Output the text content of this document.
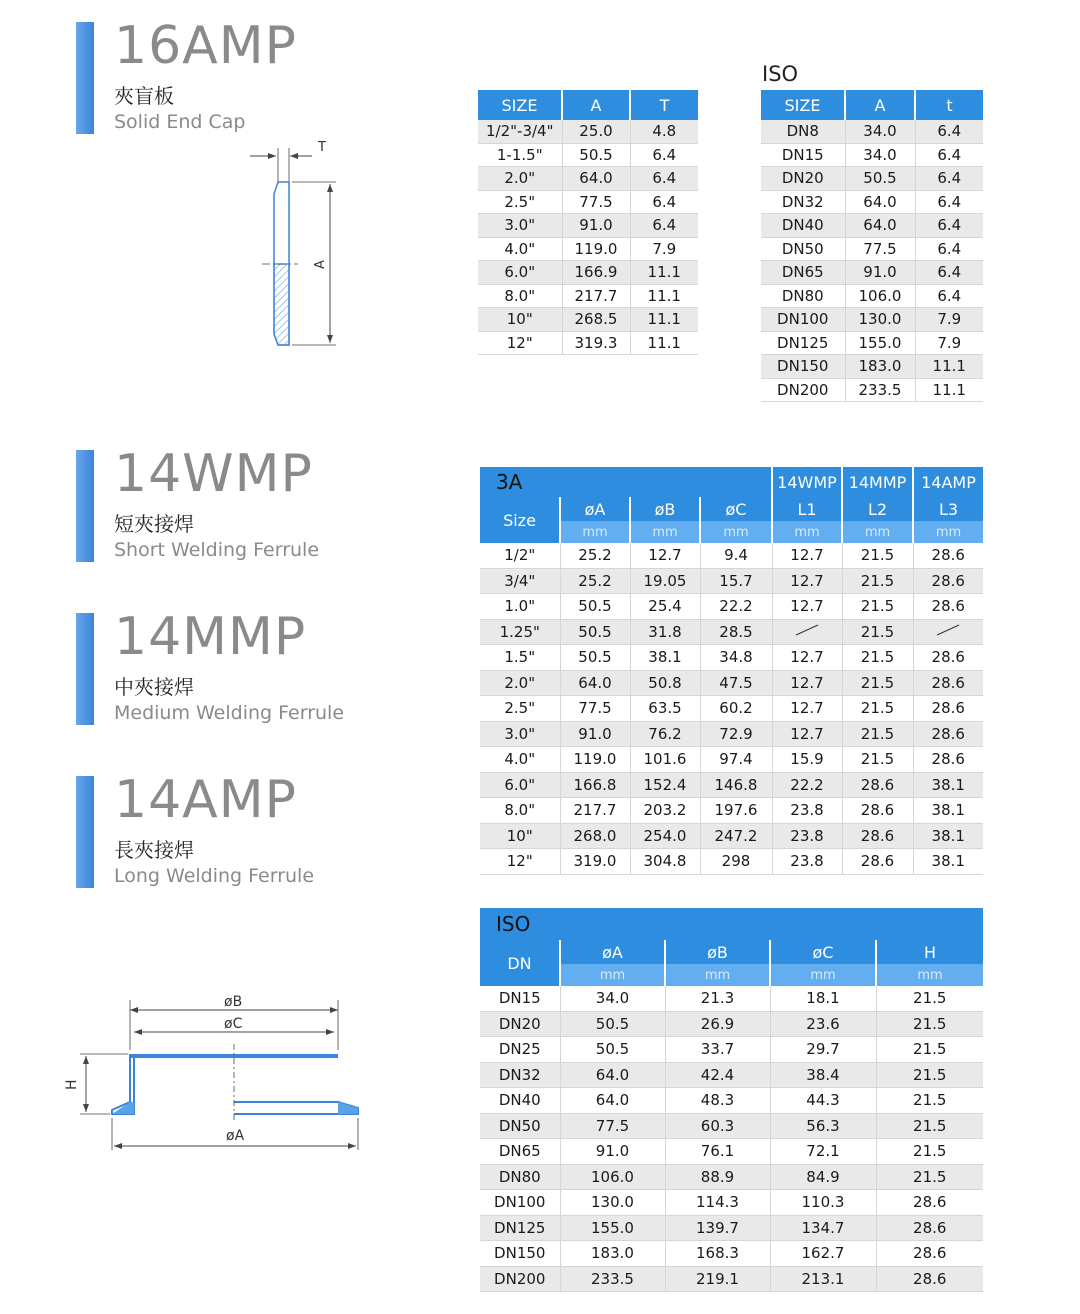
16AMP
夾盲板
Solid End Cap
14WMP
短夾接焊
Short Welding Ferrule
14MMP
中夾接焊
Medium Welding Ferrule
14AMP
長夾接焊
Long Welding Ferrule
T
A
ISO
SIZE	A	T
1/2"-3/4"	25.0	4.8
1-1.5"	50.5	6.4
2.0"	64.0	6.4
2.5"	77.5	6.4
3.0"	91.0	6.4
4.0"	119.0	7.9
6.0"	166.9	11.1
8.0"	217.7	11.1
10"	268.5	11.1
12"	319.3	11.1
SIZE	A	t
DN8	34.0	6.4
DN15	34.0	6.4
DN20	50.5	6.4
DN32	64.0	6.4
DN40	64.0	6.4
DN50	77.5	6.4
DN65	91.0	6.4
DN80	106.0	6.4
DN100	130.0	7.9
DN125	155.0	7.9
DN150	183.0	11.1
DN200	233.5	11.1
3A				14WMP	14MMP	14AMP
Size	øA	øB	øC	L1	L2	L3
	mm	mm	mm	mm	mm	mm
1/2"	25.2	12.7	9.4	12.7	21.5	28.6
3/4"	25.2	19.05	15.7	12.7	21.5	28.6
1.0"	50.5	25.4	22.2	12.7	21.5	28.6
1.25"	50.5	31.8	28.5		21.5	
1.5"	50.5	38.1	34.8	12.7	21.5	28.6
2.0"	64.0	50.8	47.5	12.7	21.5	28.6
2.5"	77.5	63.5	60.2	12.7	21.5	28.6
3.0"	91.0	76.2	72.9	12.7	21.5	28.6
4.0"	119.0	101.6	97.4	15.9	21.5	28.6
6.0"	166.8	152.4	146.8	22.2	28.6	38.1
8.0"	217.7	203.2	197.6	23.8	28.6	38.1
10"	268.0	254.0	247.2	23.8	28.6	38.1
12"	319.0	304.8	298	23.8	28.6	38.1
ISO				
DN	øA	øB	øC	H
	mm	mm	mm	mm
DN15	34.0	21.3	18.1	21.5
DN20	50.5	26.9	23.6	21.5
DN25	50.5	33.7	29.7	21.5
DN32	64.0	42.4	38.4	21.5
DN40	64.0	48.3	44.3	21.5
DN50	77.5	60.3	56.3	21.5
DN65	91.0	76.1	72.1	21.5
DN80	106.0	88.9	84.9	21.5
DN100	130.0	114.3	110.3	28.6
DN125	155.0	139.7	134.7	28.6
DN150	183.0	168.3	162.7	28.6
DN200	233.5	219.1	213.1	28.6
øB
øC
H
øA
